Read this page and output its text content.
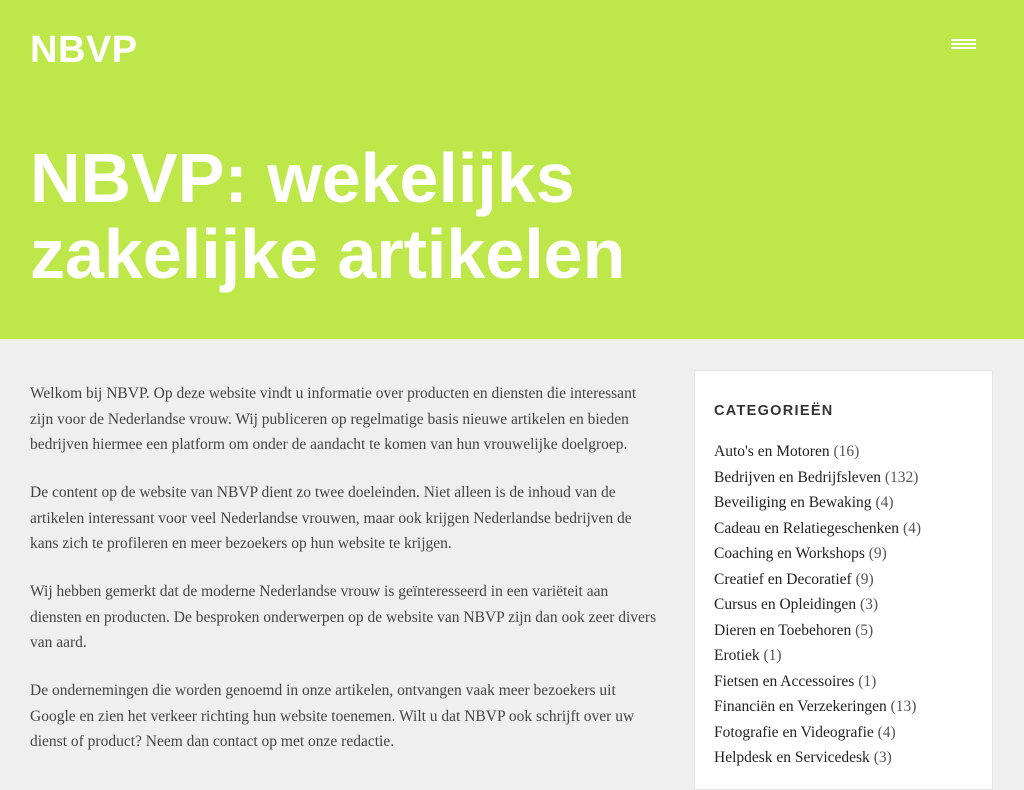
NBVP
NBVP: wekelijks zakelijke artikelen

Welkom bij NBVP. Op deze website vindt u informatie over producten en diensten die interessant zijn voor de Nederlandse vrouw. Wij publiceren op regelmatige basis nieuwe artikelen en bieden bedrijven hiermee een platform om onder de aandacht te komen van hun vrouwelijke doelgroep.

De content op de website van NBVP dient zo twee doeleinden. Niet alleen is de inhoud van de artikelen interessant voor veel Nederlandse vrouwen, maar ook krijgen Nederlandse bedrijven de kans zich te profileren en meer bezoekers op hun website te krijgen.

Wij hebben gemerkt dat de moderne Nederlandse vrouw is geïnteresseerd in een variëteit aan diensten en producten. De besproken onderwerpen op de website van NBVP zijn dan ook zeer divers van aard.

De ondernemingen die worden genoemd in onze artikelen, ontvangen vaak meer bezoekers uit Google en zien het verkeer richting hun website toenemen. Wilt u dat NBVP ook schrijft over uw dienst of product? Neem dan contact op met onze redactie.

CATEGORIEËN
Auto's en Motoren (16)
Bedrijven en Bedrijfsleven (132)
Beveiliging en Bewaking (4)
Cadeau en Relatiegeschenken (4)
Coaching en Workshops (9)
Creatief en Decoratief (9)
Cursus en Opleidingen (3)
Dieren en Toebehoren (5)
Erotiek (1)
Fietsen en Accessoires (1)
Financiën en Verzekeringen (13)
Fotografie en Videografie (4)
Helpdesk en Servicedesk (3)
